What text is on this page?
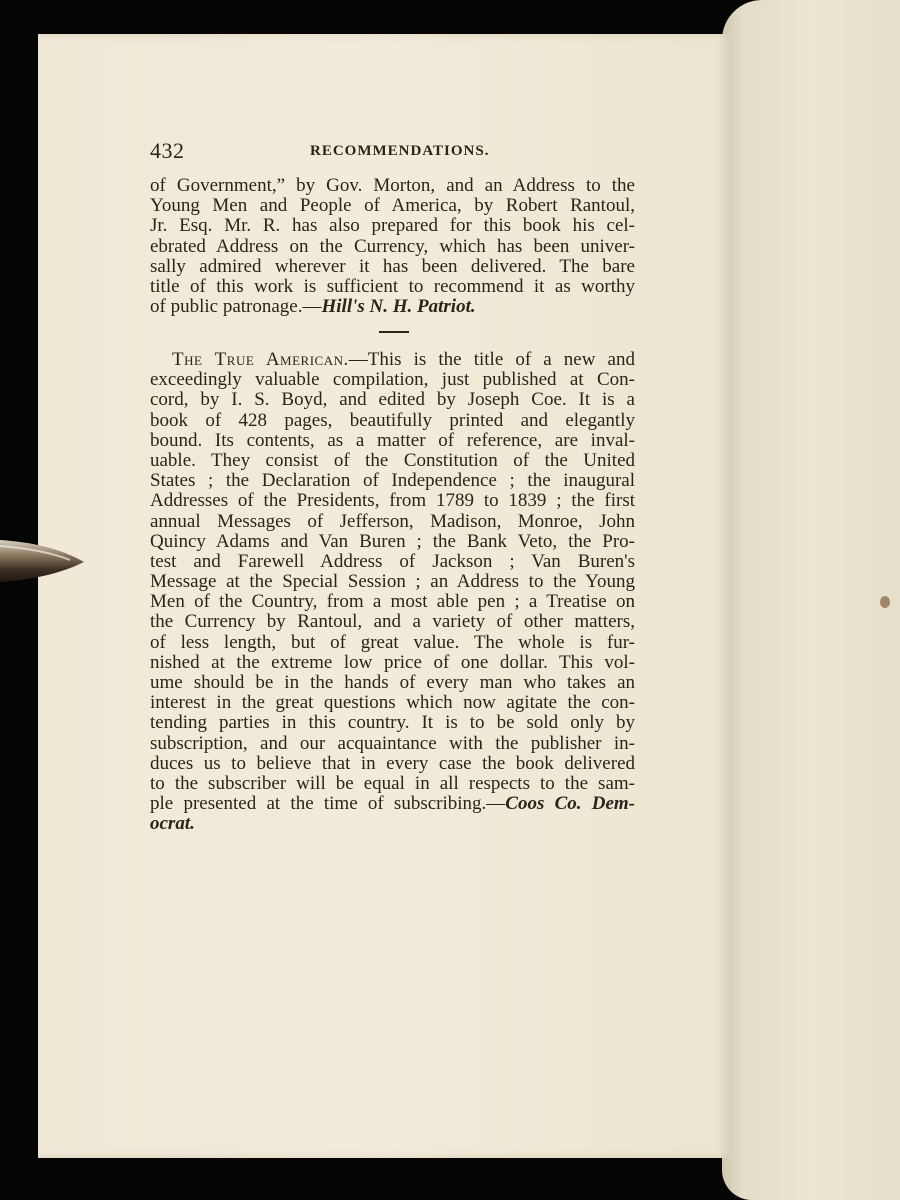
432	RECOMMENDATIONS.
of Government,” by Gov. Morton, and an Address to the
Young Men and People of America, by Robert Rantoul,
Jr. Esq. Mr. R. has also prepared for this book his cel-
ebrated Address on the Currency, which has been univer-
sally admired wherever it has been delivered. The bare
title of this work is sufficient to recommend it as worthy
of public patronage.—Hill's N. H. Patriot.
The True American.—This is the title of a new and
exceedingly valuable compilation, just published at Con-
cord, by I. S. Boyd, and edited by Joseph Coe. It is a
book of 428 pages, beautifully printed and elegantly
bound. Its contents, as a matter of reference, are inval-
uable. They consist of the Constitution of the United
States ; the Declaration of Independence ; the inaugural
Addresses of the Presidents, from 1789 to 1839 ; the first
annual Messages of Jefferson, Madison, Monroe, John
Quincy Adams and Van Buren ; the Bank Veto, the Pro-
test and Farewell Address of Jackson ; Van Buren's
Message at the Special Session ; an Address to the Young
Men of the Country, from a most able pen ; a Treatise on
the Currency by Rantoul, and a variety of other matters,
of less length, but of great value. The whole is fur-
nished at the extreme low price of one dollar. This vol-
ume should be in the hands of every man who takes an
interest in the great questions which now agitate the con-
tending parties in this country. It is to be sold only by
subscription, and our acquaintance with the publisher in-
duces us to believe that in every case the book delivered
to the subscriber will be equal in all respects to the sam-
ple presented at the time of subscribing.—Coos Co. Dem-
ocrat.
